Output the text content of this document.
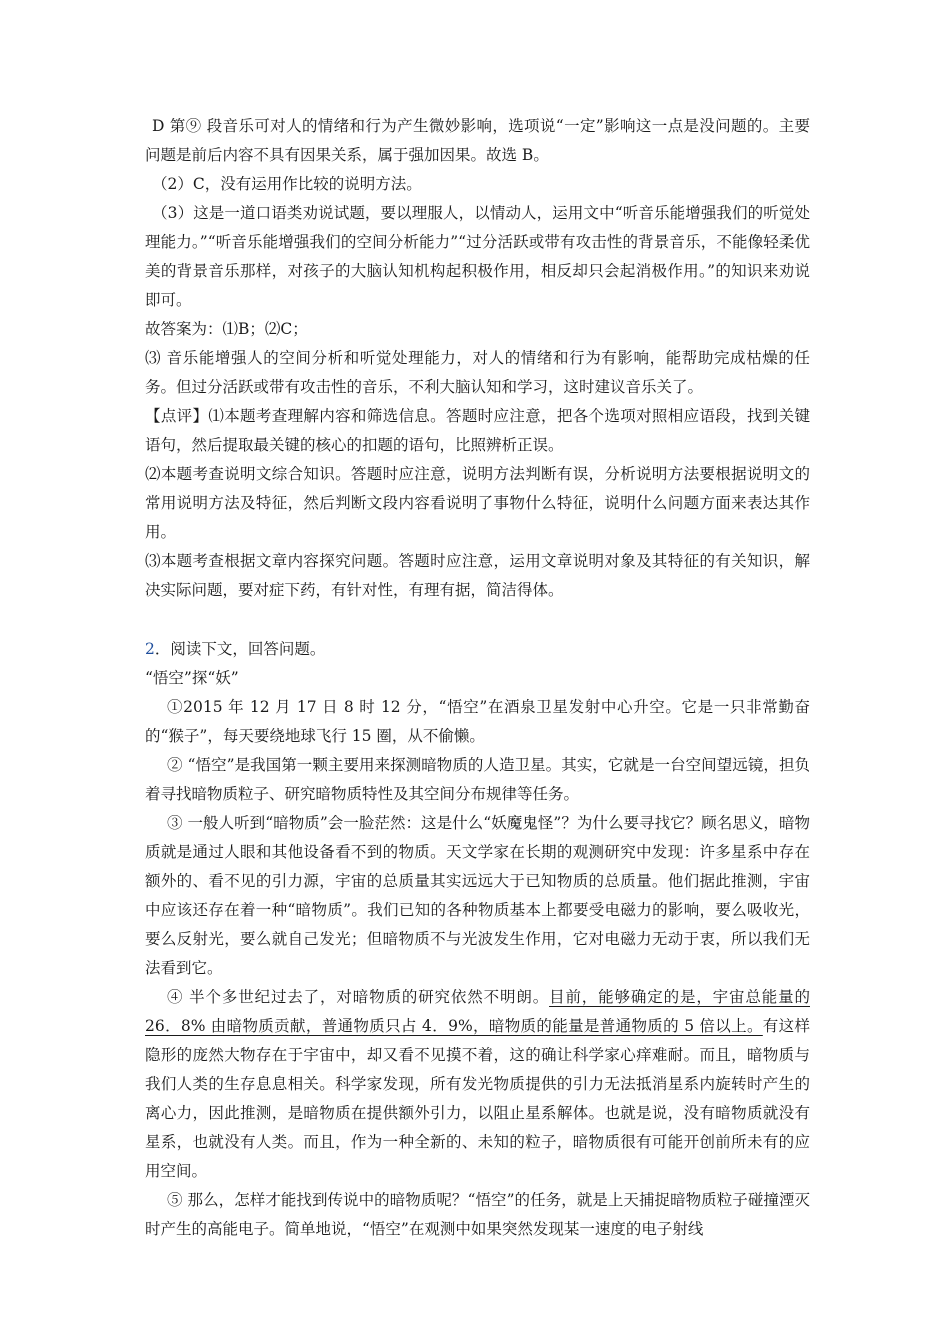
D 第⑨ 段音乐可对人的情绪和行为产生微妙影响，选项说“一定”影响这一点是没问题的。主要问题是前后内容不具有因果关系，属于强加因果。故选 B。

（2）C，没有运用作比较的说明方法。

（3）这是一道口语类劝说试题，要以理服人，以情动人，运用文中“听音乐能增强我们的听觉处理能力。”“听音乐能增强我们的空间分析能力”“过分活跃或带有攻击性的背景音乐，不能像轻柔优美的背景音乐那样，对孩子的大脑认知机构起积极作用，相反却只会起消极作用。”的知识来劝说即可。

故答案为：⑴B；⑵C；

⑶ 音乐能增强人的空间分析和听觉处理能力，对人的情绪和行为有影响，能帮助完成枯燥的任务。但过分活跃或带有攻击性的音乐，不利大脑认知和学习，这时建议音乐关了。

【点评】⑴本题考查理解内容和筛选信息。答题时应注意，把各个选项对照相应语段，找到关键语句，然后提取最关键的核心的扣题的语句，比照辨析正误。

⑵本题考查说明文综合知识。答题时应注意，说明方法判断有误，分析说明方法要根据说明文的常用说明方法及特征，然后判断文段内容看说明了事物什么特征，说明什么问题方面来表达其作用。

⑶本题考查根据文章内容探究问题。答题时应注意，运用文章说明对象及其特征的有关知识，解决实际问题，要对症下药，有针对性，有理有据，简洁得体。

2．阅读下文，回答问题。

“悟空”探“妖”

①2015 年 12 月 17 日 8 时 12 分，“悟空”在酒泉卫星发射中心升空。它是一只非常勤奋的“猴子”，每天要绕地球飞行 15 圈，从不偷懒。

② “悟空”是我国第一颗主要用来探测暗物质的人造卫星。其实，它就是一台空间望远镜，担负着寻找暗物质粒子、研究暗物质特性及其空间分布规律等任务。

③ 一般人听到“暗物质”会一脸茫然：这是什么“妖魔鬼怪”？为什么要寻找它？顾名思义，暗物质就是通过人眼和其他设备看不到的物质。天文学家在长期的观测研究中发现：许多星系中存在额外的、看不见的引力源，宇宙的总质量其实远远大于已知物质的总质量。他们据此推测，宇宙中应该还存在着一种“暗物质”。我们已知的各种物质基本上都要受电磁力的影响，要么吸收光，要么反射光，要么就自己发光；但暗物质不与光波发生作用，它对电磁力无动于衷，所以我们无法看到它。

④ 半个多世纪过去了，对暗物质的研究依然不明朗。目前，能够确定的是，宇宙总能量的 26．8% 由暗物质贡献，普通物质只占 4．9%，暗物质的能量是普通物质的 5 倍以上。有这样隐形的庞然大物存在于宇宙中，却又看不见摸不着，这的确让科学家心痒难耐。而且，暗物质与我们人类的生存息息相关。科学家发现，所有发光物质提供的引力无法抵消星系内旋转时产生的离心力，因此推测，是暗物质在提供额外引力，以阻止星系解体。也就是说，没有暗物质就没有星系，也就没有人类。而且，作为一种全新的、未知的粒子，暗物质很有可能开创前所未有的应用空间。

⑤ 那么，怎样才能找到传说中的暗物质呢？“悟空”的任务，就是上天捕捉暗物质粒子碰撞湮灭时产生的高能电子。简单地说，“悟空”在观测中如果突然发现某一速度的电子射线
